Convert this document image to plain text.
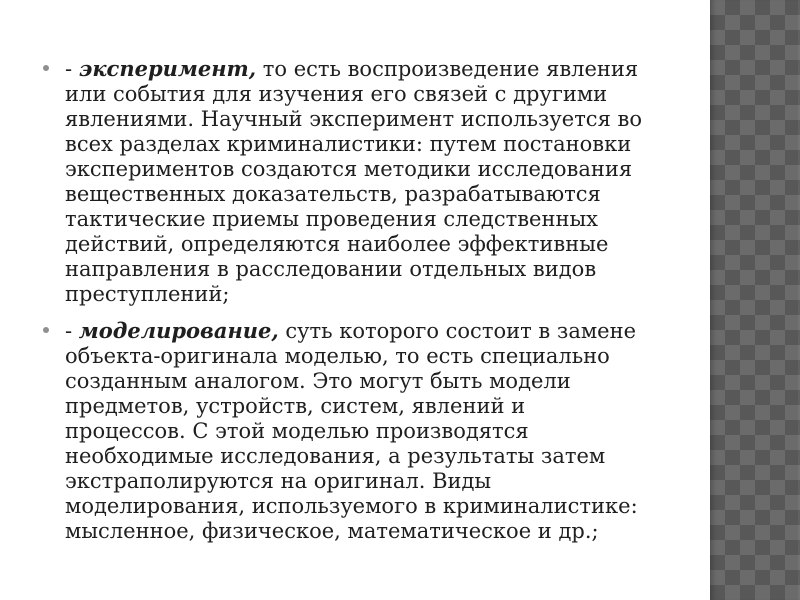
- эксперимент, то есть воспроизведение явления или события для изучения его связей с другими явлениями. Научный эксперимент используется во всех разделах криминалистики: путем постановки экспериментов создаются методики исследования вещественных доказательств, разрабатываются тактические приемы проведения следственных действий, определяются наиболее эффективные направления в расследовании отдельных видов преступлений;

- моделирование, суть которого состоит в замене объекта-оригинала моделью, то есть специально созданным аналогом. Это могут быть модели предметов, устройств, систем, явлений и процессов. С этой моделью производятся необходимые исследования, а результаты затем экстраполируются на оригинал. Виды моделирования, используемого в криминалистике: мысленное, физическое, математическое и др.;
